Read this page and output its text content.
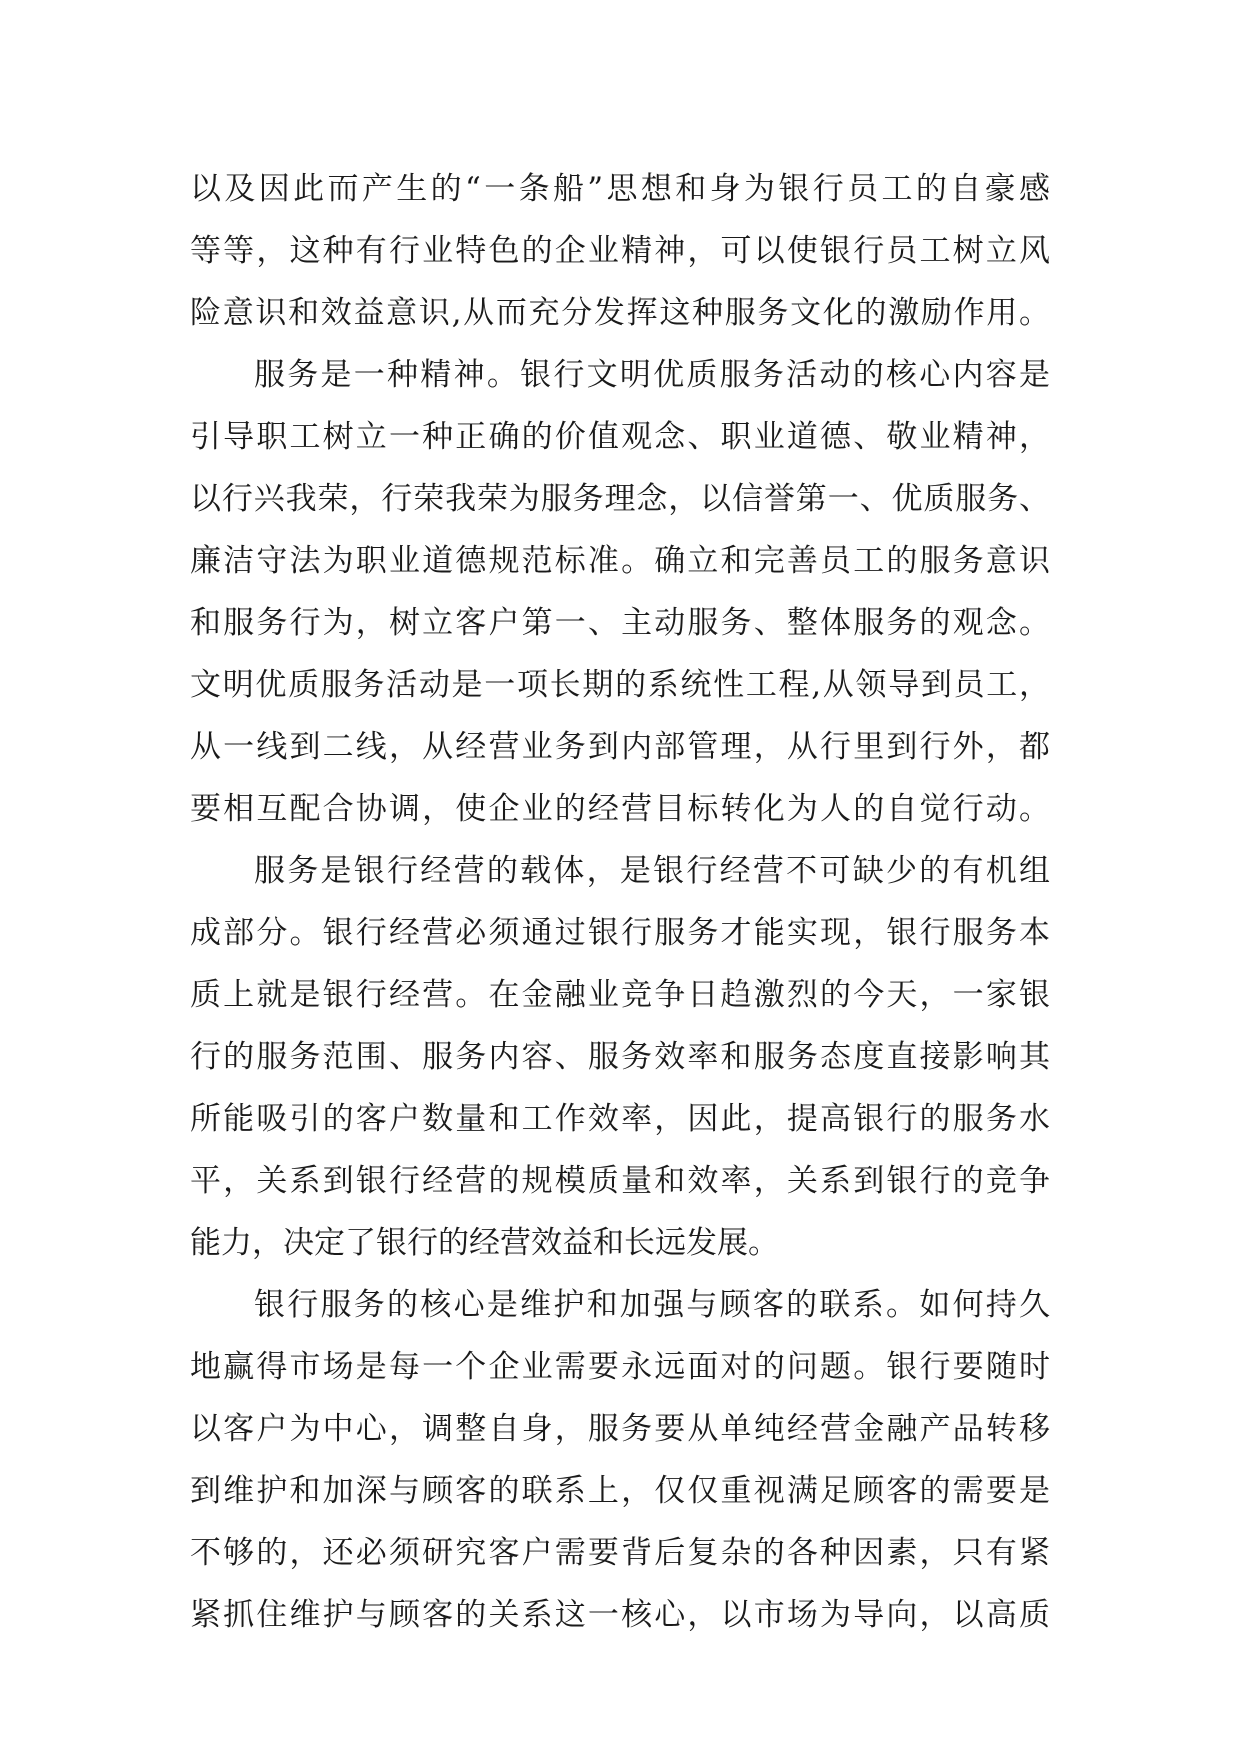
以及因此而产生的“一条船”思想和身为银行员工的自豪感
等等，这种有行业特色的企业精神，可以使银行员工树立风
险意识和效益意识,从而充分发挥这种服务文化的激励作用。
服务是一种精神。银行文明优质服务活动的核心内容是
引导职工树立一种正确的价值观念、职业道德、敬业精神，
以行兴我荣，行荣我荣为服务理念，以信誉第一、优质服务、
廉洁守法为职业道德规范标准。确立和完善员工的服务意识
和服务行为，树立客户第一、主动服务、整体服务的观念。
文明优质服务活动是一项长期的系统性工程,从领导到员工，
从一线到二线，从经营业务到内部管理，从行里到行外，都
要相互配合协调，使企业的经营目标转化为人的自觉行动。
服务是银行经营的载体，是银行经营不可缺少的有机组
成部分。银行经营必须通过银行服务才能实现，银行服务本
质上就是银行经营。在金融业竞争日趋激烈的今天，一家银
行的服务范围、服务内容、服务效率和服务态度直接影响其
所能吸引的客户数量和工作效率，因此，提高银行的服务水
平，关系到银行经营的规模质量和效率，关系到银行的竞争
能力，决定了银行的经营效益和长远发展。
银行服务的核心是维护和加强与顾客的联系。如何持久
地赢得市场是每一个企业需要永远面对的问题。银行要随时
以客户为中心，调整自身，服务要从单纯经营金融产品转移
到维护和加深与顾客的联系上，仅仅重视满足顾客的需要是
不够的，还必须研究客户需要背后复杂的各种因素，只有紧
紧抓住维护与顾客的关系这一核心，以市场为导向，以高质
